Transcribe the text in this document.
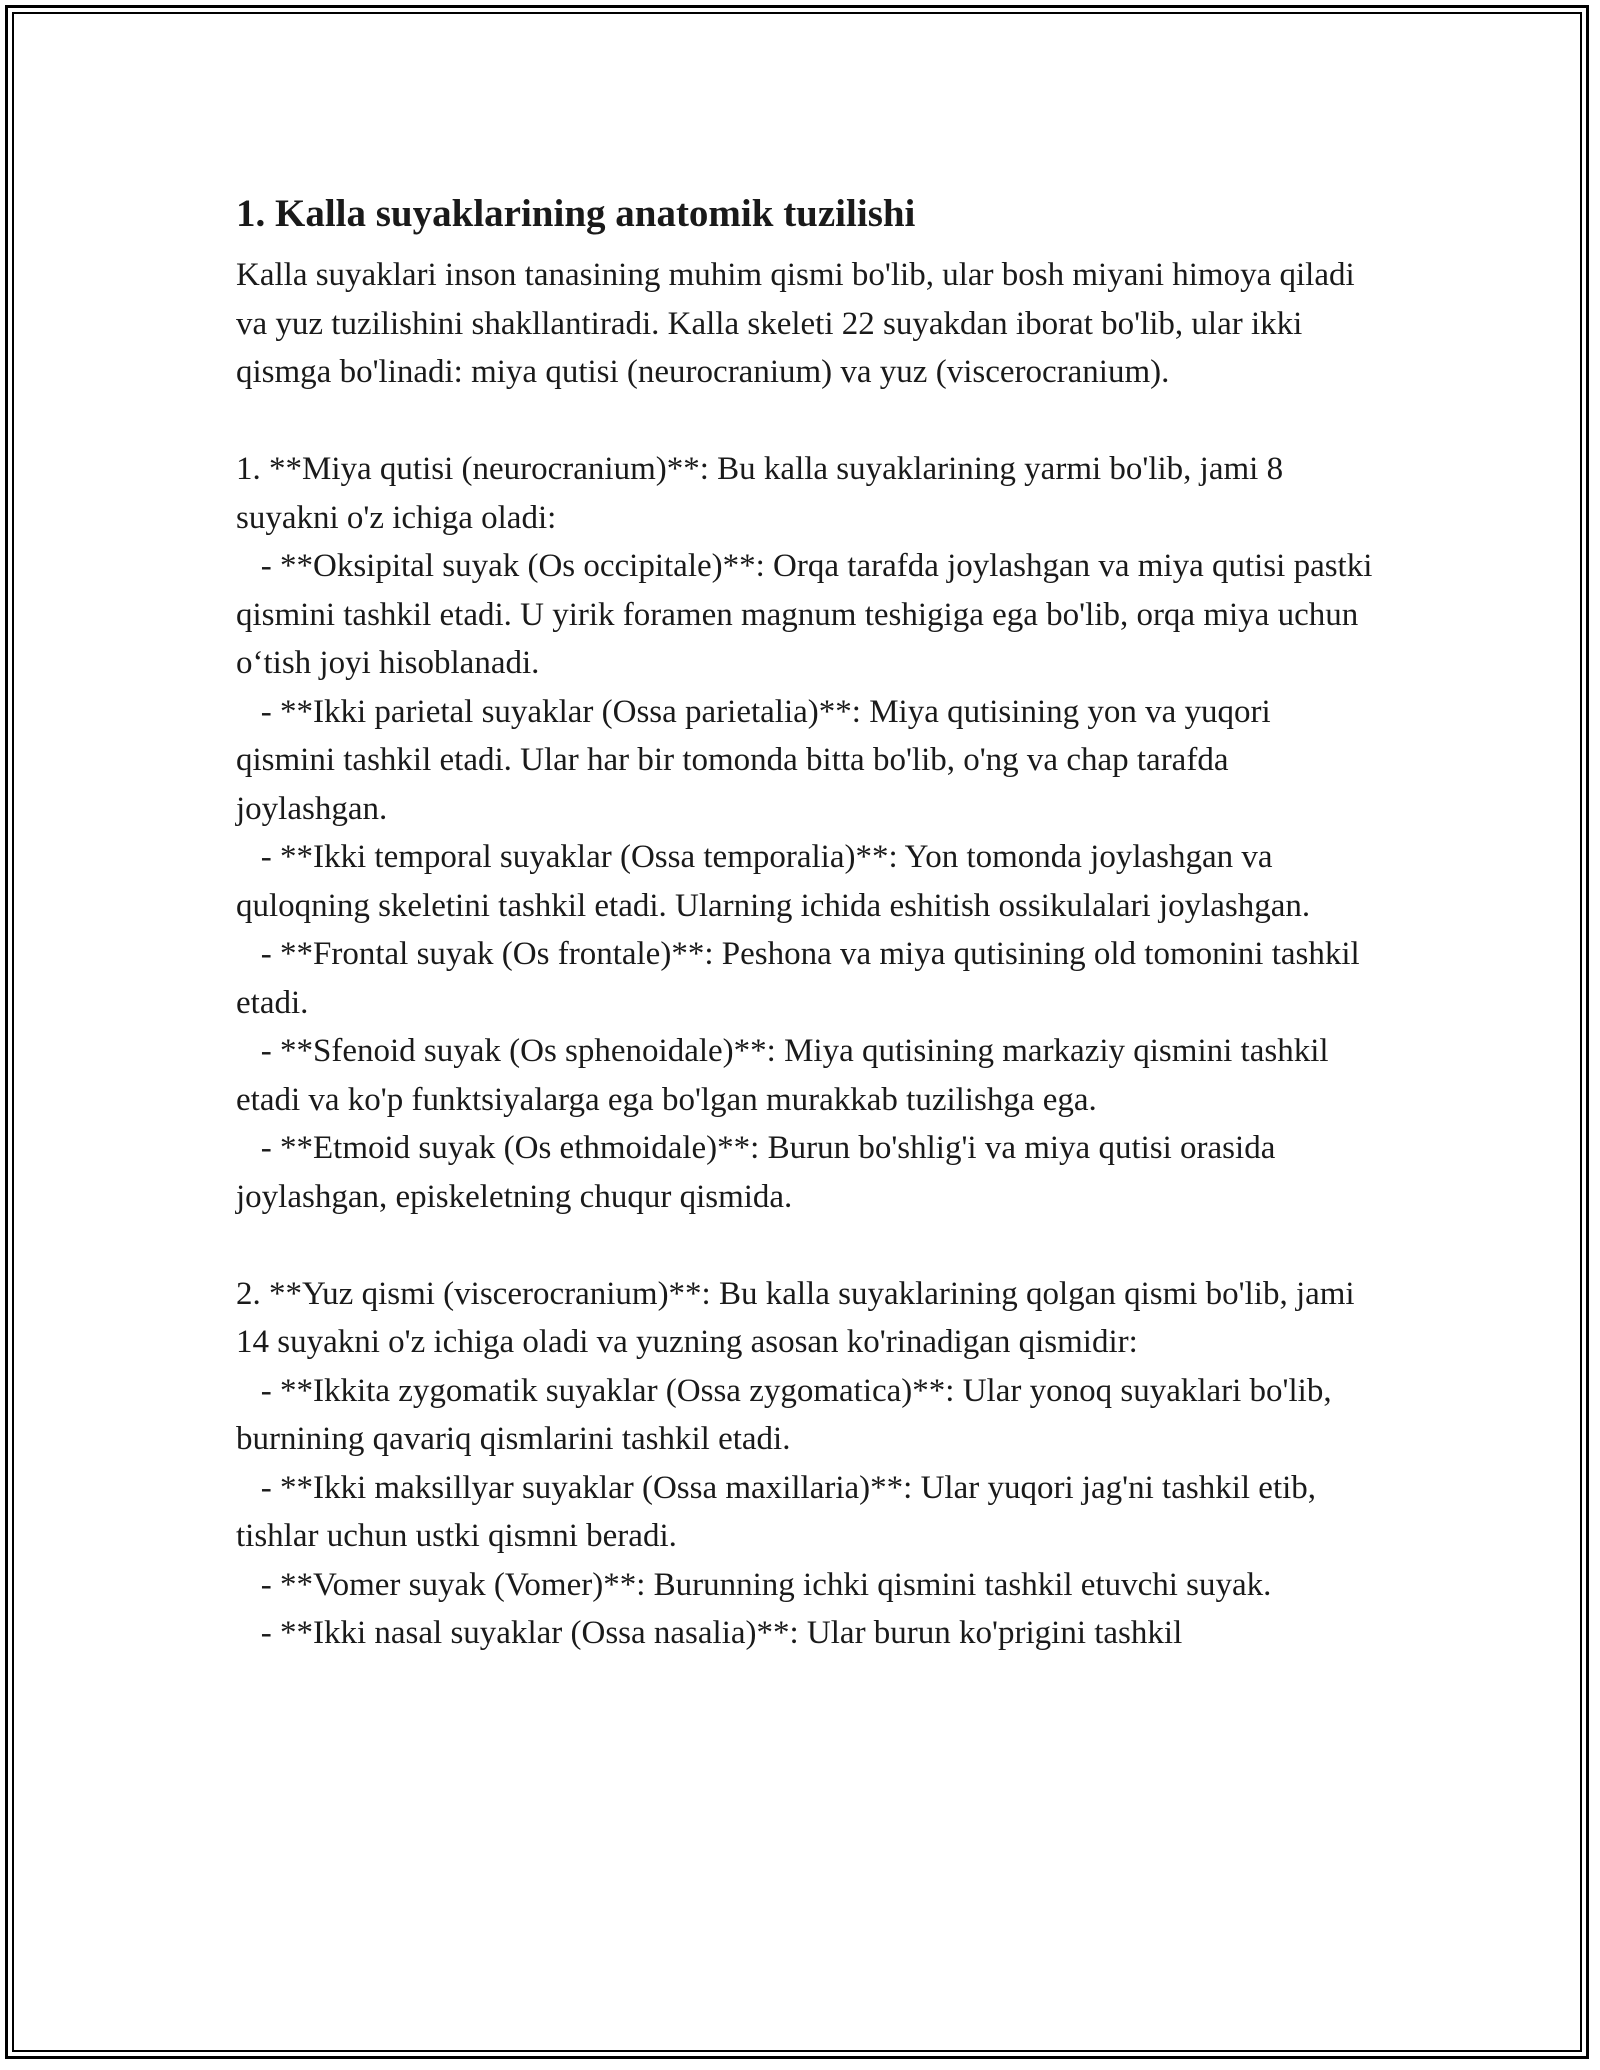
1. Kalla suyaklarining anatomik tuzilishi
Kalla suyaklari inson tanasining muhim qismi bo'lib, ular bosh miyani himoya qiladi va yuz tuzilishini shakllantiradi. Kalla skeleti 22 suyakdan iborat bo'lib, ular ikki qismga bo'linadi: miya qutisi (neurocranium) va yuz (viscerocranium).
1. **Miya qutisi (neurocranium)**: Bu kalla suyaklarining yarmi bo'lib, jami 8 suyakni o'z ichiga oladi:
- **Oksipital suyak (Os occipitale)**: Orqa tarafda joylashgan va miya qutisi pastki qismini tashkil etadi. U yirik foramen magnum teshigiga ega bo'lib, orqa miya uchun o‘tish joyi hisoblanadi.
- **Ikki parietal suyaklar (Ossa parietalia)**: Miya qutisining yon va yuqori qismini tashkil etadi. Ular har bir tomonda bitta bo'lib, o'ng va chap tarafda joylashgan.
- **Ikki temporal suyaklar (Ossa temporalia)**: Yon tomonda joylashgan va quloqning skeletini tashkil etadi. Ularning ichida eshitish ossikulalari joylashgan.
- **Frontal suyak (Os frontale)**: Peshona va miya qutisining old tomonini tashkil etadi.
- **Sfenoid suyak (Os sphenoidale)**: Miya qutisining markaziy qismini tashkil etadi va ko'p funktsiyalarga ega bo'lgan murakkab tuzilishga ega.
- **Etmoid suyak (Os ethmoidale)**: Burun bo'shlig'i va miya qutisi orasida joylashgan, episkeletning chuqur qismida.
2. **Yuz qismi (viscerocranium)**: Bu kalla suyaklarining qolgan qismi bo'lib, jami 14 suyakni o'z ichiga oladi va yuzning asosan ko'rinadigan qismidir:
- **Ikkita zygomatik suyaklar (Ossa zygomatica)**: Ular yonoq suyaklari bo'lib, burnining qavariq qismlarini tashkil etadi.
- **Ikki maksillyar suyaklar (Ossa maxillaria)**: Ular yuqori jag'ni tashkil etib, tishlar uchun ustki qismni beradi.
- **Vomer suyak (Vomer)**: Burunning ichki qismini tashkil etuvchi suyak.
- **Ikki nasal suyaklar (Ossa nasalia)**: Ular burun ko'prigini tashkil
